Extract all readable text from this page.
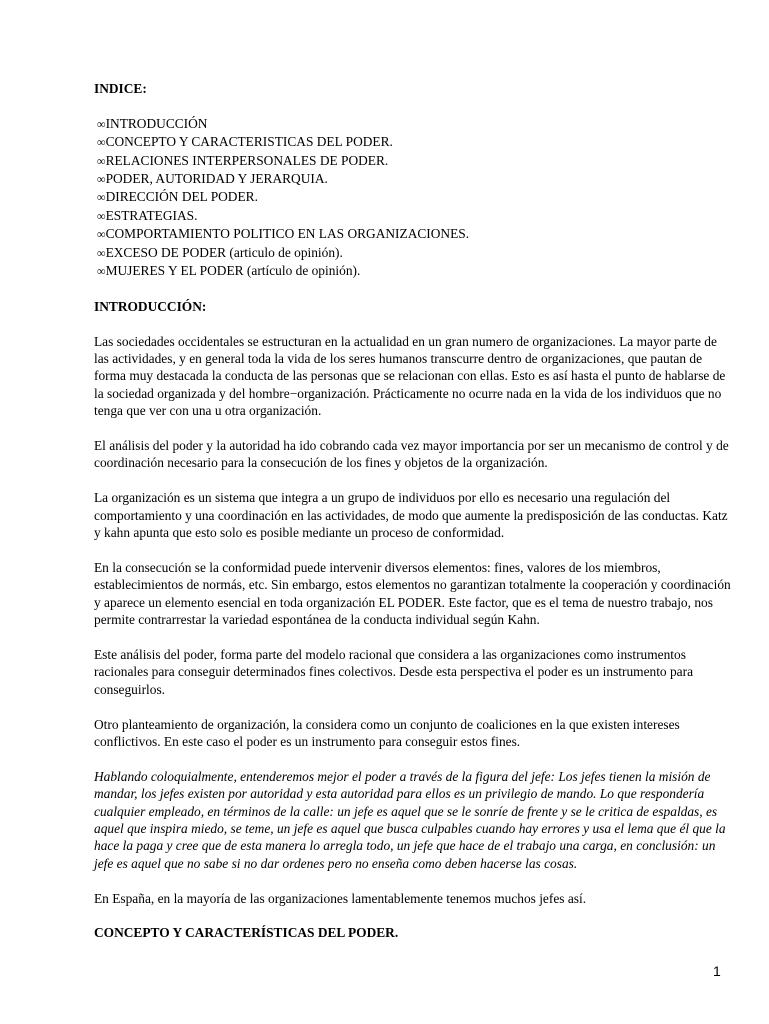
INDICE:

∞INTRODUCCIÓN
∞CONCEPTO Y CARACTERISTICAS DEL PODER.
∞RELACIONES INTERPERSONALES DE PODER.
∞PODER, AUTORIDAD Y JERARQUIA.
∞DIRECCIÓN DEL PODER.
∞ESTRATEGIAS.
∞COMPORTAMIENTO POLITICO EN LAS ORGANIZACIONES.
∞EXCESO DE PODER (articulo de opinión).
∞MUJERES Y EL PODER (artículo de opinión).

INTRODUCCIÓN:

Las sociedades occidentales se estructuran en la actualidad en un gran numero de organizaciones. La mayor parte de las actividades, y en general toda la vida de los seres humanos transcurre dentro de organizaciones, que pautan de forma muy destacada la conducta de las personas que se relacionan con ellas. Esto es así hasta el punto de hablarse de la sociedad organizada y del hombre−organización. Prácticamente no ocurre nada en la vida de los individuos que no tenga que ver con una u otra organización.

El análisis del poder y la autoridad ha ido cobrando cada vez mayor importancia por ser un mecanismo de control y de coordinación necesario para la consecución de los fines y objetos de la organización.

La organización es un sistema que integra a un grupo de individuos por ello es necesario una regulación del comportamiento y una coordinación en las actividades, de modo que aumente la predisposición de las conductas. Katz y kahn apunta que esto solo es posible mediante un proceso de conformidad.

En la consecución se la conformidad puede intervenir diversos elementos: fines, valores de los miembros, establecimientos de normás, etc. Sin embargo, estos elementos no garantizan totalmente la cooperación y coordinación y aparece un elemento esencial en toda organización EL PODER. Este factor, que es el tema de nuestro trabajo, nos permite contrarrestar la variedad espontánea de la conducta individual según Kahn.

Este análisis del poder, forma parte del modelo racional que considera a las organizaciones como instrumentos racionales para conseguir determinados fines colectivos. Desde esta perspectiva el poder es un instrumento para conseguirlos.

Otro planteamiento de organización, la considera como un conjunto de coaliciones en la que existen intereses conflictivos. En este caso el poder es un instrumento para conseguir estos fines.

Hablando coloquialmente, entenderemos mejor el poder a través de la figura del jefe: Los jefes tienen la misión de mandar, los jefes existen por autoridad y esta autoridad para ellos es un privilegio de mando. Lo que respondería cualquier empleado, en términos de la calle: un jefe es aquel que se le sonríe de frente y se le critica de espaldas, es aquel que inspira miedo, se teme, un jefe es aquel que busca culpables cuando hay errores y usa el lema que él que la hace la paga y cree que de esta manera lo arregla todo, un jefe que hace de el trabajo una carga, en conclusión: un jefe es aquel que no sabe si no dar ordenes pero no enseña como deben hacerse las cosas.

En España, en la mayoría de las organizaciones lamentablemente tenemos muchos jefes así.

CONCEPTO Y CARACTERÍSTICAS DEL PODER.

1
